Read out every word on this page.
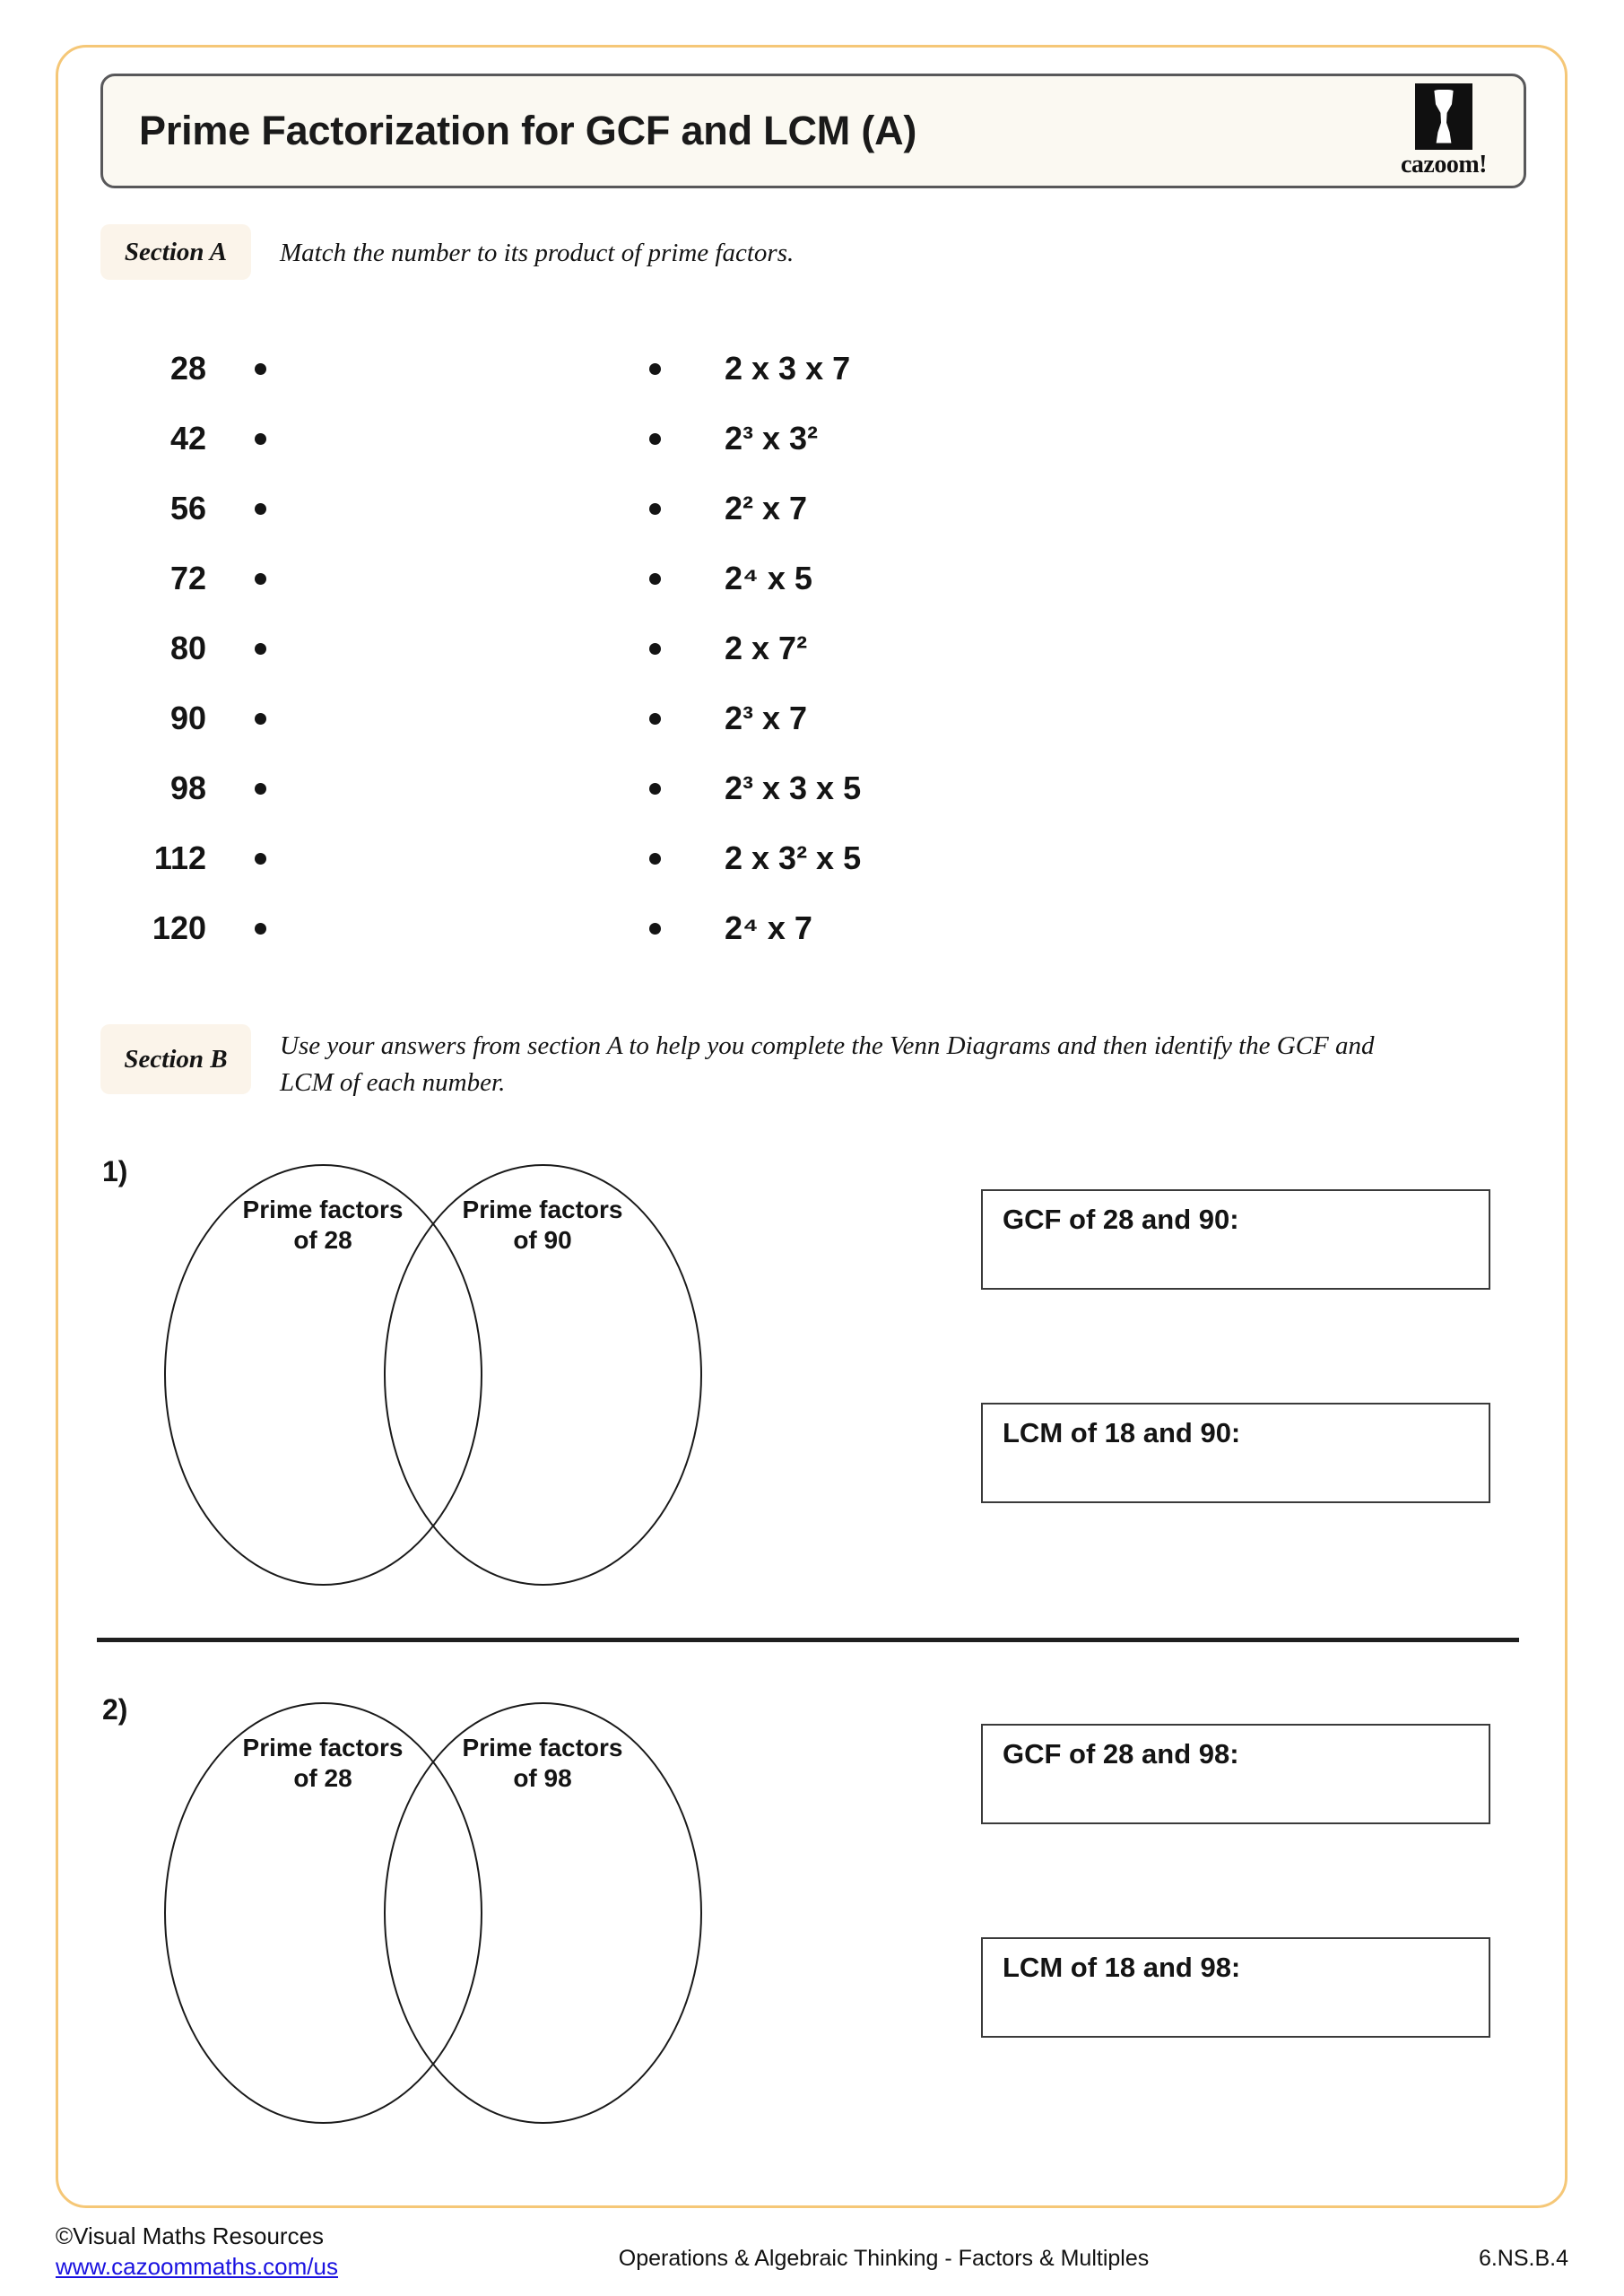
Prime Factorization for GCF and LCM (A)
cazoom!
Section A	Match the number to its product of prime factors.
28	2 x 3 x 7
42	2³ x 3²
56	2² x 7
72	2⁴ x 5
80	2 x 7²
90	2³ x 7
98	2³ x 3 x 5
112	2 x 3² x 5
120	2⁴ x 7
Section B	Use your answers from section A to help you complete the Venn Diagrams and then identify the GCF and LCM of each number.
1)
Prime factors
of 28
Prime factors
of 90
GCF of 28 and 90:
LCM of 18 and 90:
2)
Prime factors
of 28
Prime factors
of 98
GCF of 28 and 98:
LCM of 18 and 98:
©Visual Maths Resources
www.cazoommaths.com/us	Operations & Algebraic Thinking - Factors & Multiples	6.NS.B.4
